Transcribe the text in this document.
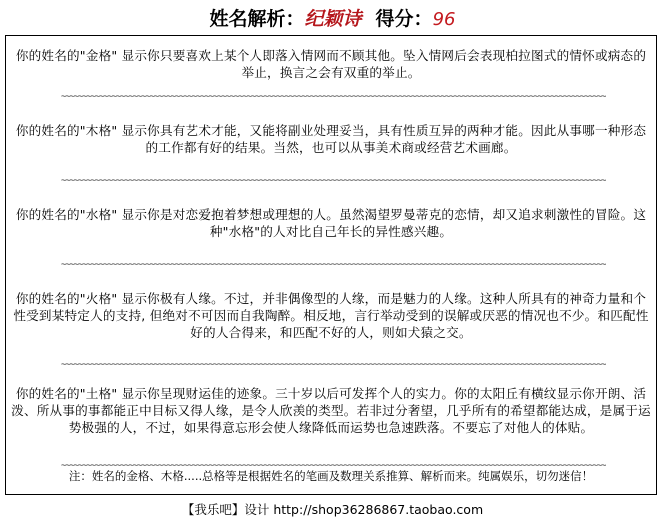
姓名解析：纪颖诗 得分：96
你的姓名的"金格" 显示你只要喜欢上某个人即落入情网而不顾其他。坠入情网后会表现柏拉图式的情怀或病态的举止，换言之会有双重的举止。
~~~~~
你的姓名的"木格" 显示你具有艺术才能，又能将副业处理妥当，具有性质互异的两种才能。因此从事哪一种形态的工作都有好的结果。当然，也可以从事美术商或经营艺术画廊。
~~~~~
你的姓名的"水格" 显示你是对恋爱抱着梦想或理想的人。虽然渴望罗曼蒂克的恋情，却又追求刺激性的冒险。这种"水格"的人对比自己年长的异性感兴趣。
~~~~~
你的姓名的"火格" 显示你极有人缘。不过，并非偶像型的人缘，而是魅力的人缘。这种人所具有的神奇力量和个性受到某特定人的支持, 但绝对不可因而自我陶醉。相反地，言行举动受到的误解或厌恶的情况也不少。和匹配性好的人合得来，和匹配不好的人，则如犬猿之交。
~~~~~
你的姓名的"土格" 显示你呈现财运佳的迹象。三十岁以后可发挥个人的实力。你的太阳丘有横纹显示你开朗、活泼、所从事的事都能正中目标又得人缘，是令人欣羡的类型。若非过分奢望，几乎所有的希望都能达成，是属于运势极强的人，不过，如果得意忘形会使人缘降低而运势也急速跌落。不要忘了对他人的体贴。
~~~~~
注：姓名的金格、木格.....总格等是根据姓名的笔画及数理关系推算、解析而来。纯属娱乐，切勿迷信！
【我乐吧】设计 http://shop36286867.taobao.com
